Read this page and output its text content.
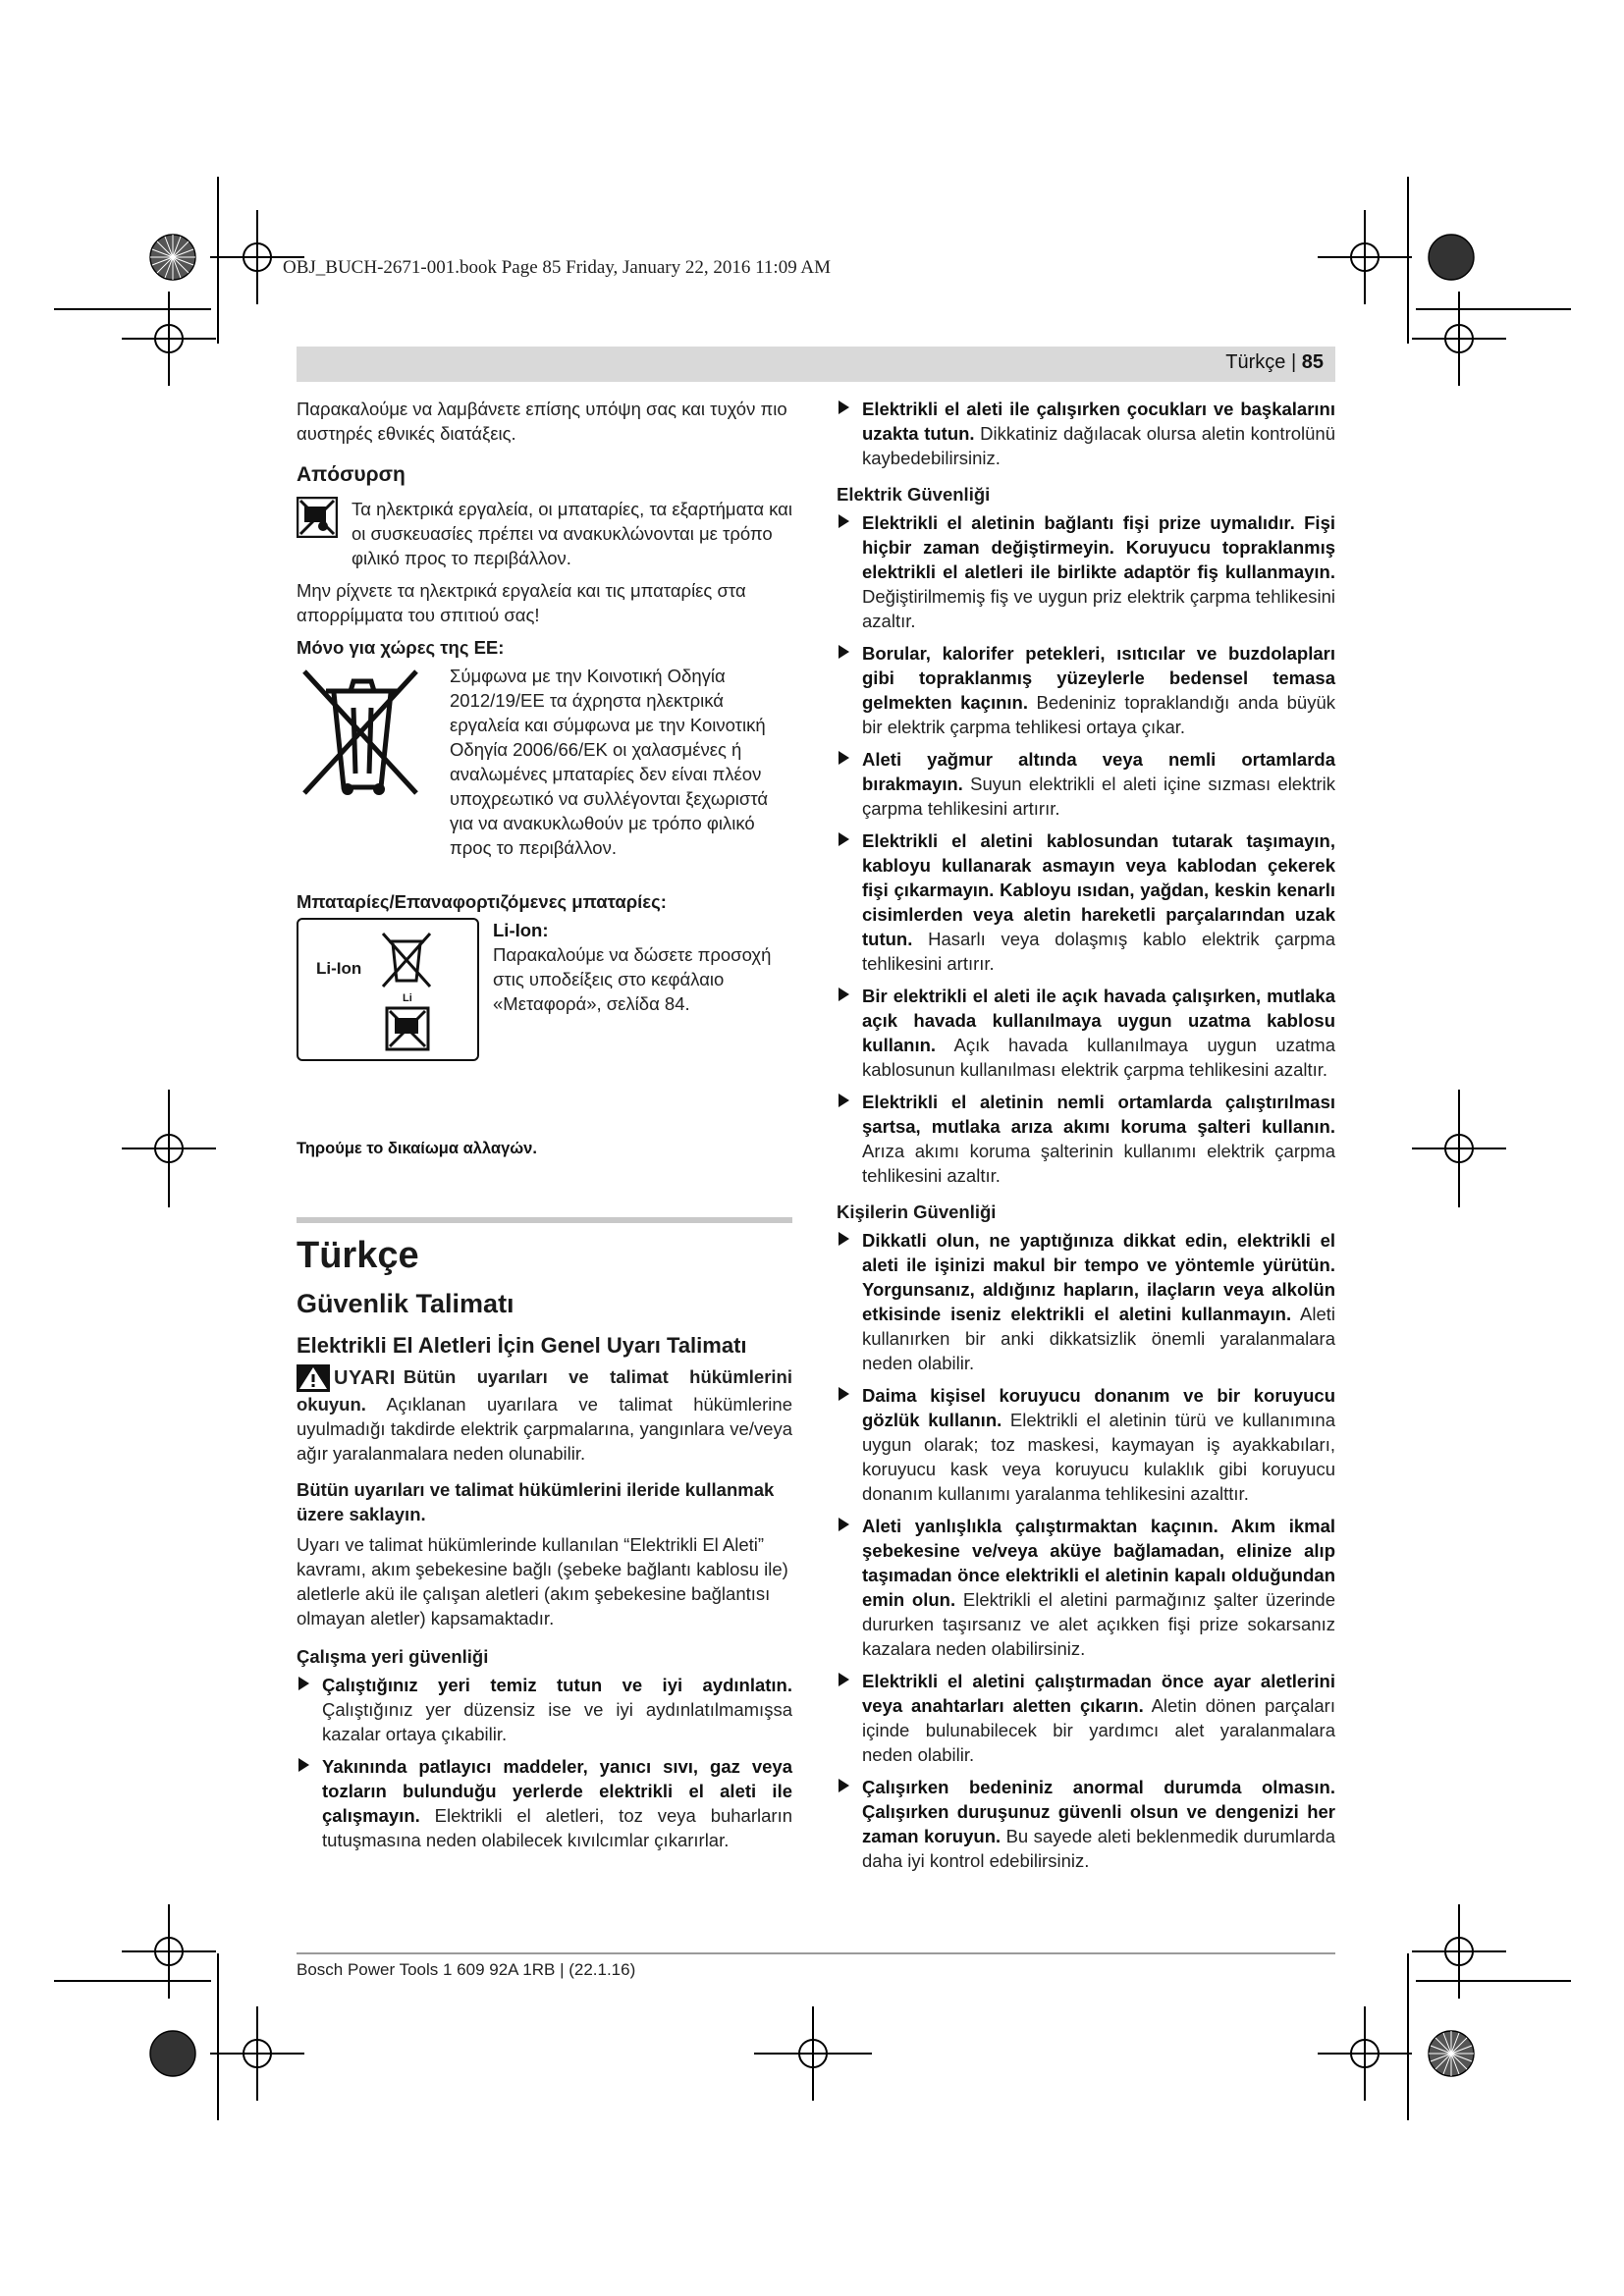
OBJ_BUCH-2671-001.book Page 85 Friday, January 22, 2016 11:09 AM
Türkçe | 85

Παρακαλούμε να λαμβάνετε επίσης υπόψη σας και τυχόν πιο αυστηρές εθνικές διατάξεις.

Απόσυρση

Τα ηλεκτρικά εργαλεία, οι μπαταρίες, τα εξαρτήματα και οι συσκευασίες πρέπει να ανακυκλώνονται με τρόπο φιλικό προς το περιβάλλον.

Μην ρίχνετε τα ηλεκτρικά εργαλεία και τις μπαταρίες στα απορρίμματα του σπιτιού σας!

Μόνο για χώρες της ΕΕ:

Σύμφωνα με την Κοινοτική Οδηγία 2012/19/ΕΕ τα άχρηστα ηλεκτρικά εργαλεία και σύμφωνα με την Κοινοτική Οδηγία 2006/66/ΕΚ οι χαλασμένες ή αναλωμένες μπαταρίες δεν είναι πλέον υποχρεωτικό να συλλέγονται ξεχωριστά για να ανακυκλωθούν με τρόπο φιλικό προς το περιβάλλον.

Μπαταρίες/Επαναφορτιζόμενες μπαταρίες:
Li-Ion
Li
Li-Ion:

Παρακαλούμε να δώσετε προσοχή στις υποδείξεις στο κεφάλαιο «Μεταφορά», σελίδα 84.

Τηρούμε το δικαίωμα αλλαγών.

Türkçe
Güvenlik Talimatı
Elektrikli El Aletleri İçin Genel Uyarı Talimatı

UYARI Bütün uyarıları ve talimat hükümlerini okuyun. Açıklanan uyarılara ve talimat hükümlerine uyulmadığı takdirde elektrik çarpmalarına, yangınlara ve/veya ağır yaralanmalara neden olunabilir.

Bütün uyarıları ve talimat hükümlerini ileride kullanmak üzere saklayın.

Uyarı ve talimat hükümlerinde kullanılan “Elektrikli El Aleti” kavramı, akım şebekesine bağlı (şebeke bağlantı kablosu ile) aletlerle akü ile çalışan aletleri (akım şebekesine bağlantısı olmayan aletler) kapsamaktadır.

Çalışma yeri güvenliği
Çalıştığınız yeri temiz tutun ve iyi aydınlatın. Çalıştığınız yer düzensiz ise ve iyi aydınlatılmamışsa kazalar ortaya çıkabilir.
Yakınında patlayıcı maddeler, yanıcı sıvı, gaz veya tozların bulunduğu yerlerde elektrikli el aleti ile çalışmayın. Elektrikli el aletleri, toz veya buharların tutuşmasına neden olabilecek kıvılcımlar çıkarırlar.
Elektrikli el aleti ile çalışırken çocukları ve başkalarını uzakta tutun. Dikkatiniz dağılacak olursa aletin kontrolünü kaybedebilirsiniz.
Elektrik Güvenliği
Elektrikli el aletinin bağlantı fişi prize uymalıdır. Fişi hiçbir zaman değiştirmeyin. Koruyucu topraklanmış elektrikli el aletleri ile birlikte adaptör fiş kullanmayın. Değiştirilmemiş fiş ve uygun priz elektrik çarpma tehlikesini azaltır.
Borular, kalorifer petekleri, ısıtıcılar ve buzdolapları gibi topraklanmış yüzeylerle bedensel temasa gelmekten kaçının. Bedeniniz topraklandığı anda büyük bir elektrik çarpma tehlikesi ortaya çıkar.
Aleti yağmur altında veya nemli ortamlarda bırakmayın. Suyun elektrikli el aleti içine sızması elektrik çarpma tehlikesini artırır.
Elektrikli el aletini kablosundan tutarak taşımayın, kabloyu kullanarak asmayın veya kablodan çekerek fişi çıkarmayın. Kabloyu ısıdan, yağdan, keskin kenarlı cisimlerden veya aletin hareketli parçalarından uzak tutun. Hasarlı veya dolaşmış kablo elektrik çarpma tehlikesini artırır.
Bir elektrikli el aleti ile açık havada çalışırken, mutlaka açık havada kullanılmaya uygun uzatma kablosu kullanın. Açık havada kullanılmaya uygun uzatma kablosunun kullanılması elektrik çarpma tehlikesini azaltır.
Elektrikli el aletinin nemli ortamlarda çalıştırılması şartsa, mutlaka arıza akımı koruma şalteri kullanın. Arıza akımı koruma şalterinin kullanımı elektrik çarpma tehlikesini azaltır.
Kişilerin Güvenliği
Dikkatli olun, ne yaptığınıza dikkat edin, elektrikli el aleti ile işinizi makul bir tempo ve yöntemle yürütün. Yorgunsanız, aldığınız hapların, ilaçların veya alkolün etkisinde iseniz elektrikli el aletini kullanmayın. Aleti kullanırken bir anki dikkatsizlik önemli yaralanmalara neden olabilir.
Daima kişisel koruyucu donanım ve bir koruyucu gözlük kullanın. Elektrikli el aletinin türü ve kullanımına uygun olarak; toz maskesi, kaymayan iş ayakkabıları, koruyucu kask veya koruyucu kulaklık gibi koruyucu donanım kullanımı yaralanma tehlikesini azalttır.
Aleti yanlışlıkla çalıştırmaktan kaçının. Akım ikmal şebekesine ve/veya aküye bağlamadan, elinize alıp taşımadan önce elektrikli el aletinin kapalı olduğundan emin olun. Elektrikli el aletini parmağınız şalter üzerinde dururken taşırsanız ve alet açıkken fişi prize sokarsanız kazalara neden olabilirsiniz.
Elektrikli el aletini çalıştırmadan önce ayar aletlerini veya anahtarları aletten çıkarın. Aletin dönen parçaları içinde bulunabilecek bir yardımcı alet yaralanmalara neden olabilir.
Çalışırken bedeniniz anormal durumda olmasın. Çalışırken duruşunuz güvenli olsun ve dengenizi her zaman koruyun. Bu sayede aleti beklenmedik durumlarda daha iyi kontrol edebilirsiniz.
Bosch Power Tools 1 609 92A 1RB | (22.1.16)
